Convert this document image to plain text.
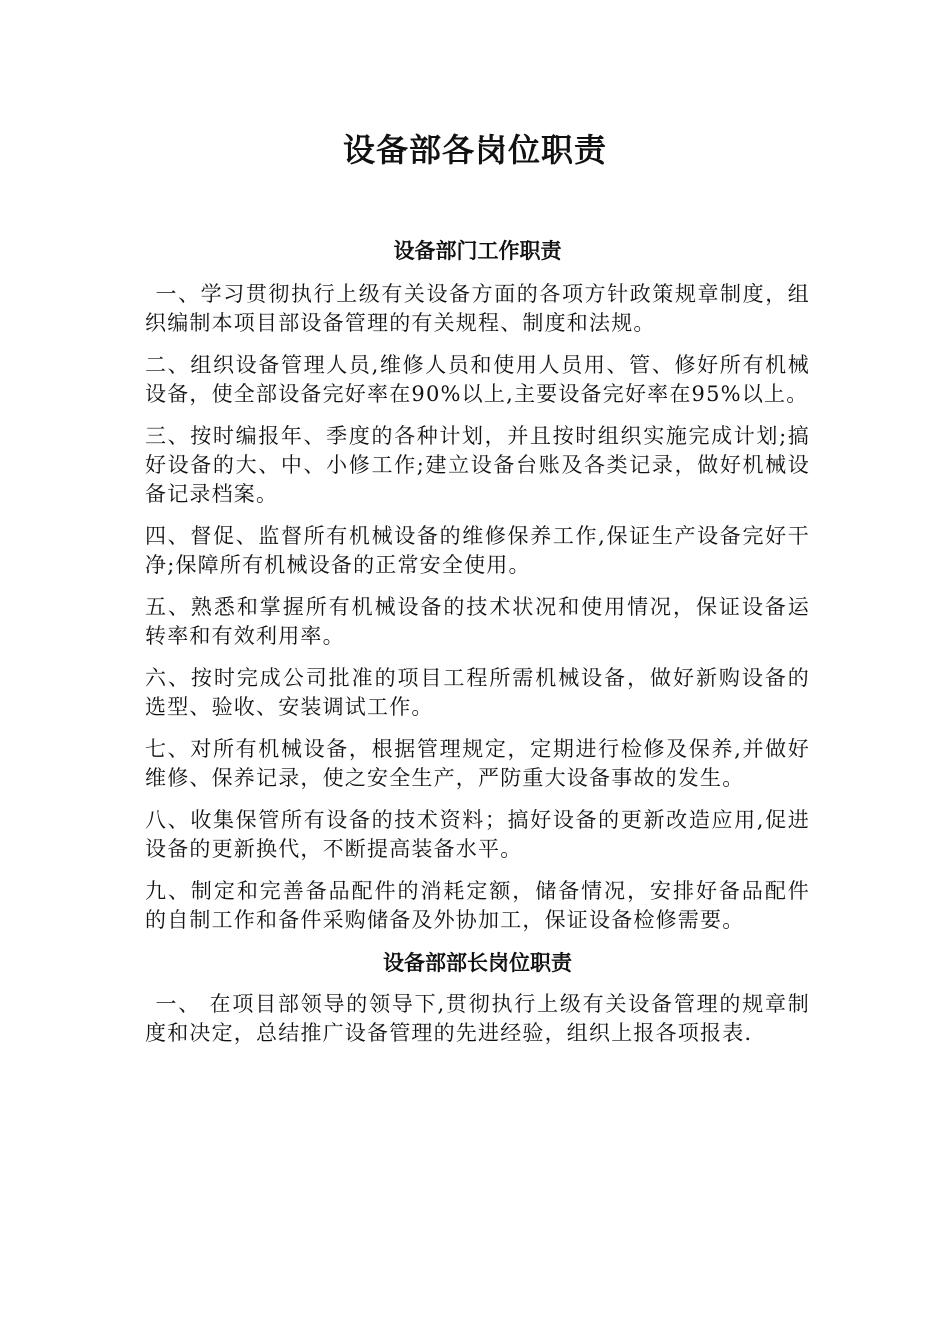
设备部各岗位职责
设备部门工作职责

一、学习贯彻执行上级有关设备方面的各项方针政策规章制度，组织编制本项目部设备管理的有关规程、制度和法规。

二、组织设备管理人员,维修人员和使用人员用、管、修好所有机械设备，使全部设备完好率在90%以上,主要设备完好率在95%以上。

三、按时编报年、季度的各种计划，并且按时组织实施完成计划;搞好设备的大、中、小修工作;建立设备台账及各类记录，做好机械设备记录档案。

四、督促、监督所有机械设备的维修保养工作,保证生产设备完好干净;保障所有机械设备的正常安全使用。

五、熟悉和掌握所有机械设备的技术状况和使用情况，保证设备运转率和有效利用率。

六、按时完成公司批准的项目工程所需机械设备，做好新购设备的选型、验收、安装调试工作。

七、对所有机械设备，根据管理规定，定期进行检修及保养,并做好维修、保养记录，使之安全生产，严防重大设备事故的发生。

八、收集保管所有设备的技术资料；搞好设备的更新改造应用,促进设备的更新换代，不断提高装备水平。

九、制定和完善备品配件的消耗定额，储备情况，安排好备品配件的自制工作和备件采购储备及外协加工，保证设备检修需要。

设备部部长岗位职责

一、 在项目部领导的领导下,贯彻执行上级有关设备管理的规章制度和决定，总结推广设备管理的先进经验，组织上报各项报表.
